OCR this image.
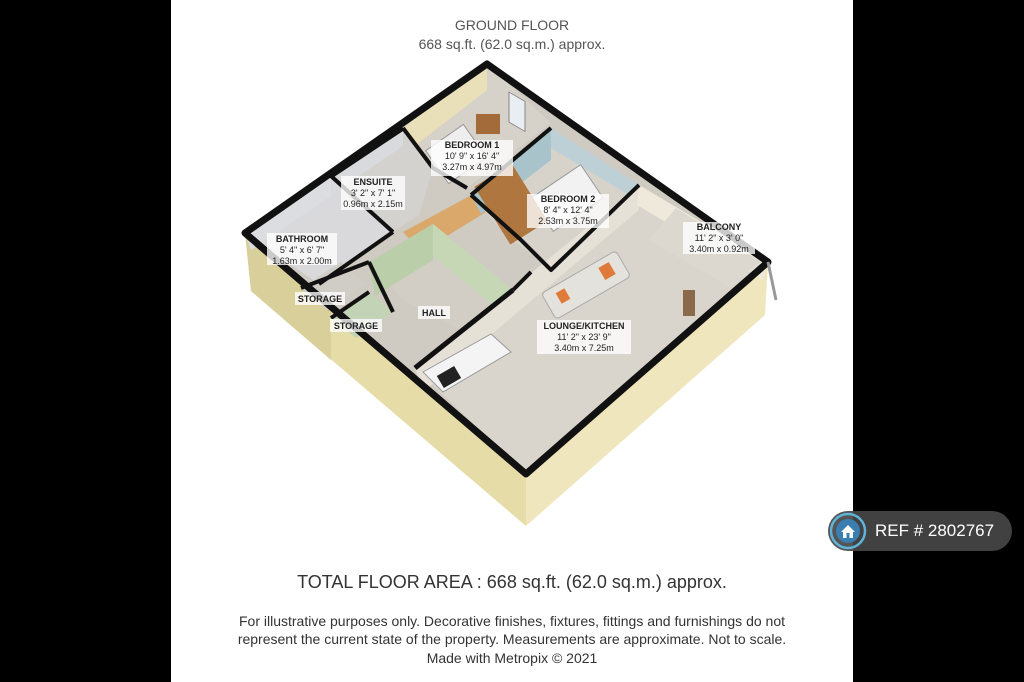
GROUND FLOOR
668 sq.ft. (62.0 sq.m.) approx.
BEDROOM 1
10' 9" x 16' 4"
3.27m x 4.97m
ENSUITE
3' 2" x 7' 1"
0.96m x 2.15m	BEDROOM 2
8' 4" x 12' 4"
2.53m x 3.75m
BALCONY
11' 2" x 3' 0"
3.40m x 0.92m
BATHROOM
5' 4" x 6' 7"
1.63m x 2.00m
STORAGE
STORAGE
HALL
LOUNGE/KITCHEN
11' 2" x 23' 9"
3.40m x 7.25m
TOTAL FLOOR AREA : 668 sq.ft. (62.0 sq.m.) approx.
For illustrative purposes only. Decorative finishes, fixtures, fittings and furnishings do not
represent the current state of the property. Measurements are approximate. Not to scale.
Made with Metropix © 2021
REF # 2802767
